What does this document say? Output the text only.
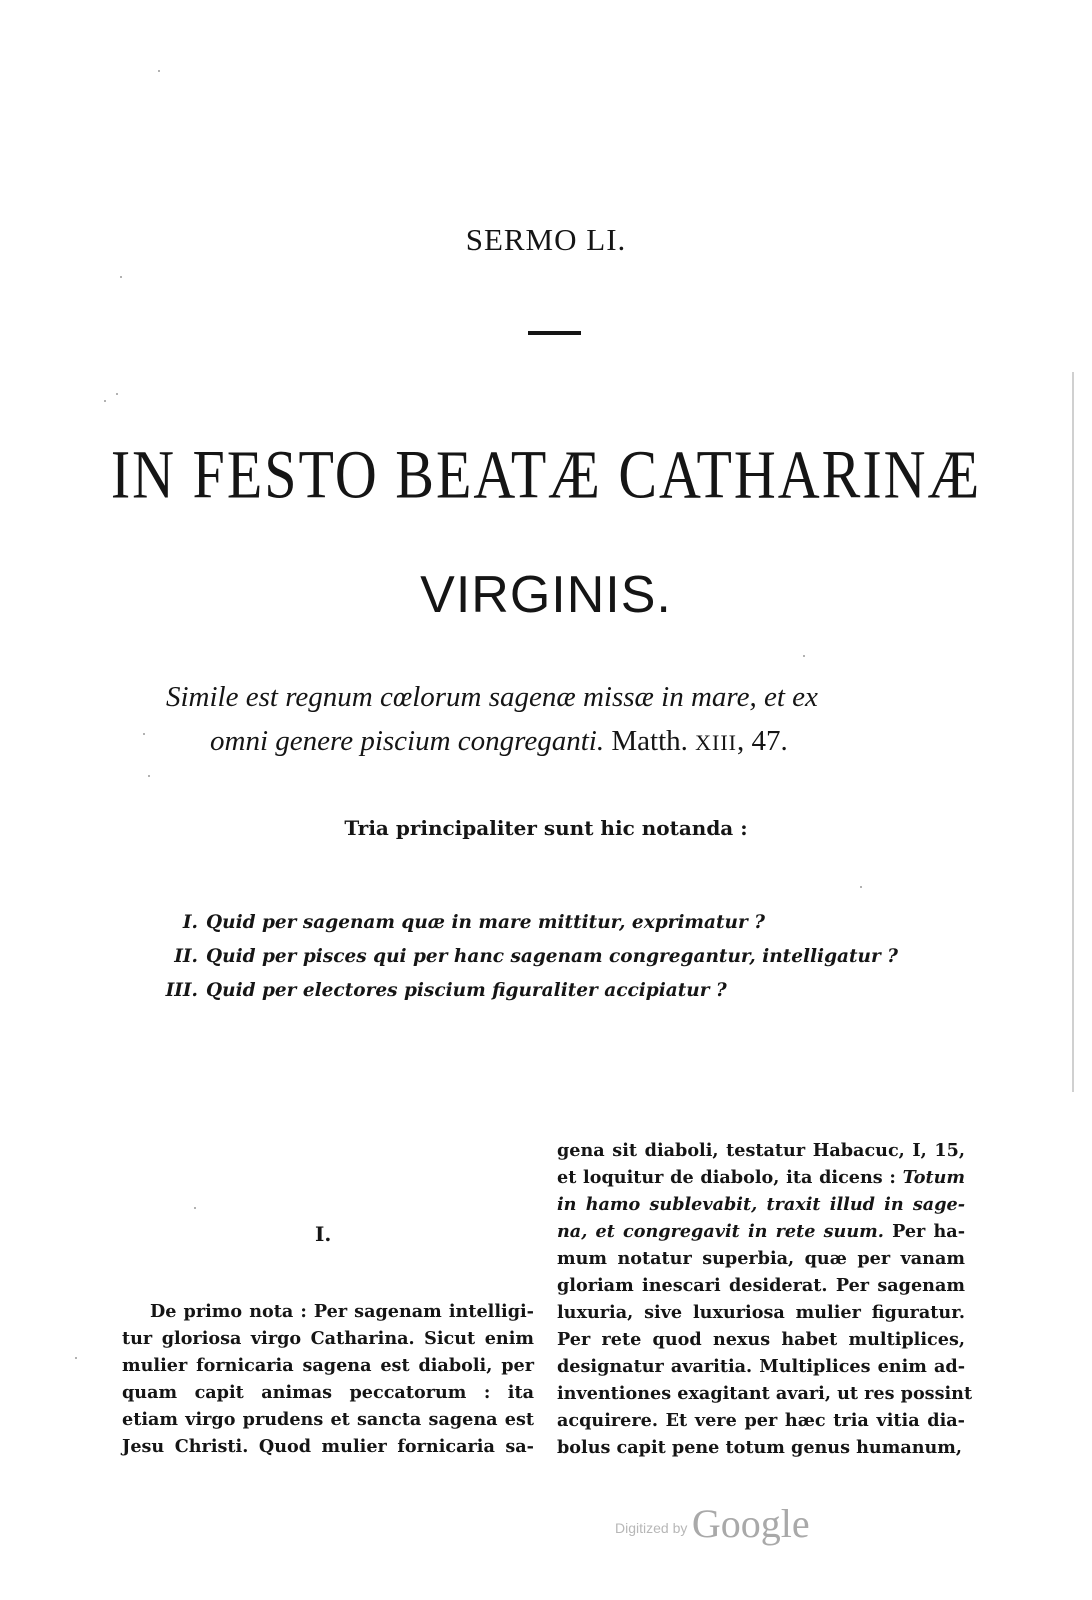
SERMO LI.
IN FESTO BEATÆ CATHARINÆ
VIRGINIS.
Simile est regnum cœlorum sagenæ missæ in mare, et ex
omni genere piscium congreganti. Matth. XIII, 47.
Tria principaliter sunt hic notanda :
I. Quid per sagenam quæ in mare mittitur, exprimatur ?
II. Quid per pisces qui per hanc sagenam congregantur, intelligatur ?
III. Quid per electores piscium figuraliter accipiatur ?
I.
De primo nota : Per sagenam intelligi-
tur gloriosa virgo Catharina. Sicut enim
mulier fornicaria sagena est diaboli, per
quam capit animas peccatorum : ita
etiam virgo prudens et sancta sagena est
Jesu Christi. Quod mulier fornicaria sa-
gena sit diaboli, testatur Habacuc, I, 15,
et loquitur de diabolo, ita dicens : Totum
in hamo sublevabit, traxit illud in sage-
na, et congregavit in rete suum. Per ha-
mum notatur superbia, quæ per vanam
gloriam inescari desiderat. Per sagenam
luxuria, sive luxuriosa mulier figuratur.
Per rete quod nexus habet multiplices,
designatur avaritia. Multiplices enim ad-
inventiones exagitant avari, ut res possint
acquirere. Et vere per hæc tria vitia dia-
bolus capit pene totum genus humanum,
Digitized by Google
